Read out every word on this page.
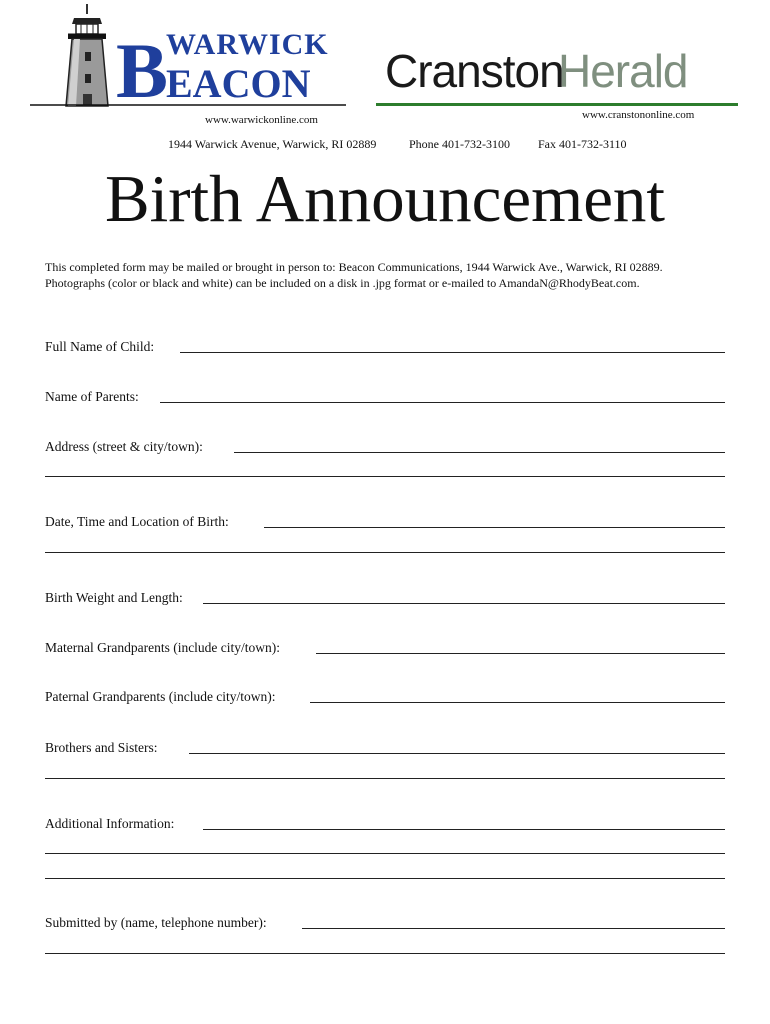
B
WARWICK
EACON
www.warwickonline.com
Cranston
Herald
www.cranstononline.com
1944 Warwick Avenue, Warwick, RI 02889	Phone 401-732-3100 Fax 401-732-3110
Birth Announcement
This completed form may be mailed or brought in person to: Beacon Communications, 1944 Warwick Ave., Warwick, RI 02889.
Photographs (color or black and white) can be included on a disk in .jpg format or e-mailed to AmandaN@RhodyBeat.com.
Full Name of Child:
Name of Parents:
Address (street & city/town):
Date, Time and Location of Birth:
Birth Weight and Length:
Maternal Grandparents (include city/town):
Paternal Grandparents (include city/town):
Brothers and Sisters:
Additional Information:
Submitted by (name, telephone number):
